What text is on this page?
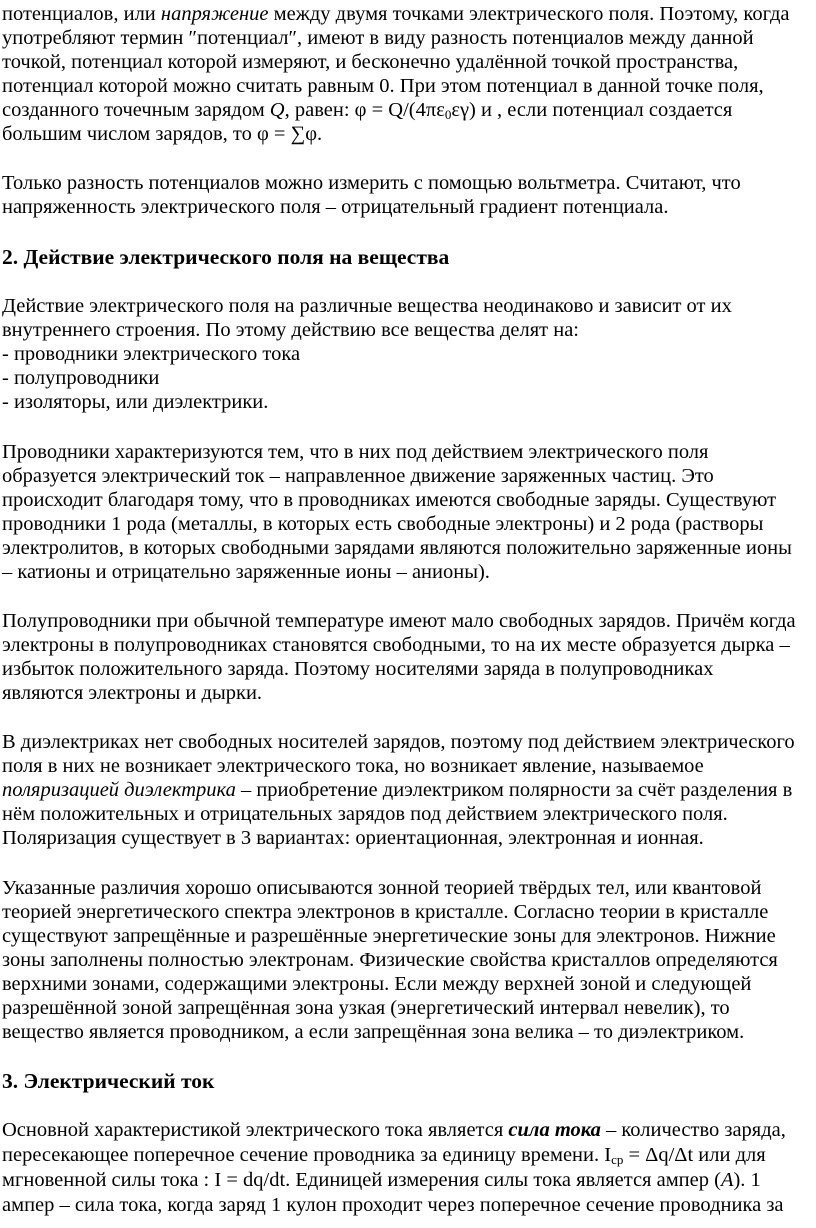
потенциалов, или напряжение между двумя точками электрического поля. Поэтому, когда
употребляют термин ″потенциал″, имеют в виду разность потенциалов между данной
точкой, потенциал которой измеряют, и бесконечно удалённой точкой пространства,
потенциал которой можно считать равным 0. При этом потенциал в данной точке поля,
созданного точечным зарядом Q, равен: $\varphi = Q/(4\pi\varepsilon_0\varepsilon\gamma)$ и , если потенциал создается
большим числом зарядов, то φ = ∑φ.
Только разность потенциалов можно измерить с помощью вольтметра. Считают, что
напряженность электрического поля – отрицательный градиент потенциала.
2. Действие электрического поля на вещества
Действие электрического поля на различные вещества неодинаково и зависит от их
внутреннего строения. По этому действию все вещества делят на:
- проводники электрического тока
- полупроводники
- изоляторы, или диэлектрики.
Проводники характеризуются тем, что в них под действием электрического поля
образуется электрический ток – направленное движение заряженных частиц. Это
происходит благодаря тому, что в проводниках имеются свободные заряды. Существуют
проводники 1 рода (металлы, в которых есть свободные электроны) и 2 рода (растворы
электролитов, в которых свободными зарядами являются положительно заряженные ионы
– катионы и отрицательно заряженные ионы – анионы).
Полупроводники при обычной температуре имеют мало свободных зарядов. Причём когда
электроны в полупроводниках становятся свободными, то на их месте образуется дырка –
избыток положительного заряда. Поэтому носителями заряда в полупроводниках
являются электроны и дырки.
В диэлектриках нет свободных носителей зарядов, поэтому под действием электрического
поля в них не возникает электрического тока, но возникает явление, называемое
поляризацией диэлектрика – приобретение диэлектриком полярности за счёт разделения в
нём положительных и отрицательных зарядов под действием электрического поля.
Поляризация существует в 3 вариантах: ориентационная, электронная и ионная.
Указанные различия хорошо описываются зонной теорией твёрдых тел, или квантовой
теорией энергетического спектра электронов в кристалле. Согласно теории в кристалле
существуют запрещённые и разрешённые энергетические зоны для электронов. Нижние
зоны заполнены полностью электронам. Физические свойства кристаллов определяются
верхними зонами, содержащими электроны. Если между верхней зоной и следующей
разрешённой зоной запрещённая зона узкая (энергетический интервал невелик), то
вещество является проводником, а если запрещённая зона велика – то диэлектриком.
3. Электрический ток
Основной характеристикой электрического тока является сила тока – количество заряда,
пересекающее поперечное сечение проводника за единицу времени. $I_{ср} = \Delta q/\Delta t$ или для
мгновенной силы тока : I = dq/dt. Единицей измерения силы тока является ампер (А). 1
ампер – сила тока, когда заряд 1 кулон проходит через поперечное сечение проводника за
